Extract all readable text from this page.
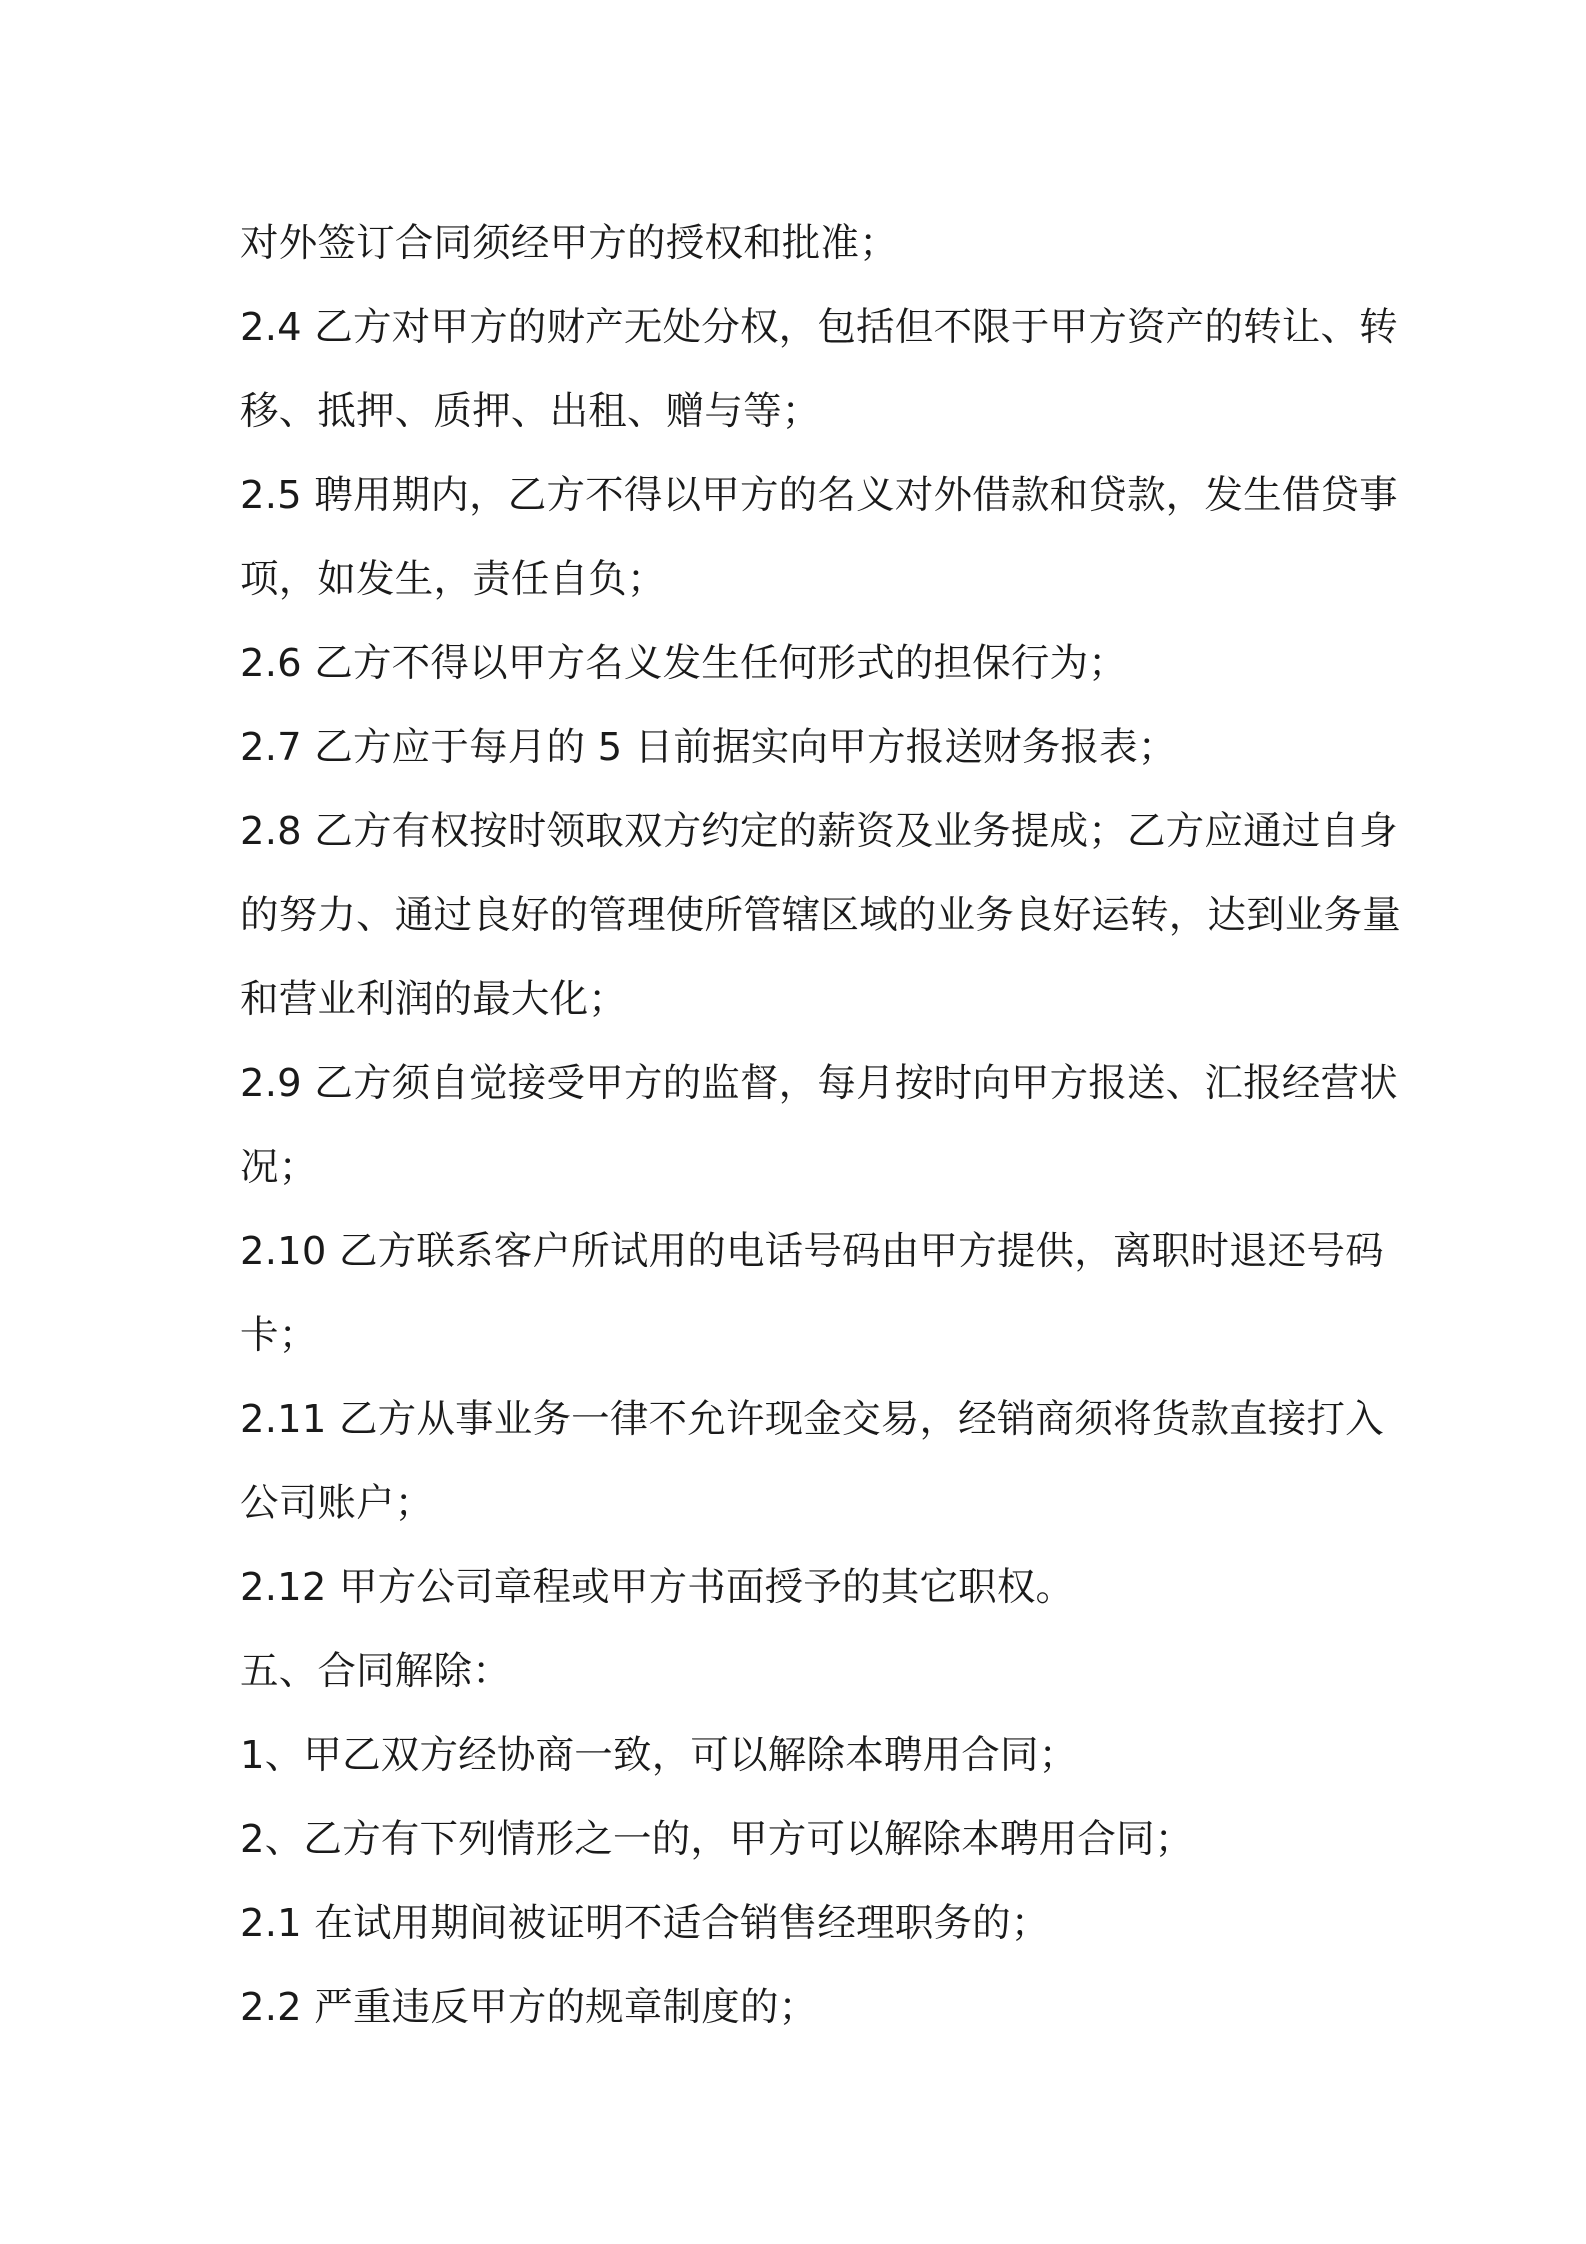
对外签订合同须经甲方的授权和批准；
2.4 乙方对甲方的财产无处分权，包括但不限于甲方资产的转让、转
移、抵押、质押、出租、赠与等；
2.5 聘用期内，乙方不得以甲方的名义对外借款和贷款，发生借贷事
项，如发生，责任自负；
2.6 乙方不得以甲方名义发生任何形式的担保行为；
2.7 乙方应于每月的 5 日前据实向甲方报送财务报表；
2.8 乙方有权按时领取双方约定的薪资及业务提成；乙方应通过自身
的努力、通过良好的管理使所管辖区域的业务良好运转，达到业务量
和营业利润的最大化；
2.9 乙方须自觉接受甲方的监督，每月按时向甲方报送、汇报经营状
况；
2.10 乙方联系客户所试用的电话号码由甲方提供，离职时退还号码
卡；
2.11 乙方从事业务一律不允许现金交易，经销商须将货款直接打入
公司账户；
2.12 甲方公司章程或甲方书面授予的其它职权。
五、合同解除：
1、甲乙双方经协商一致，可以解除本聘用合同；
2、乙方有下列情形之一的，甲方可以解除本聘用合同；
2.1 在试用期间被证明不适合销售经理职务的；
2.2 严重违反甲方的规章制度的；
